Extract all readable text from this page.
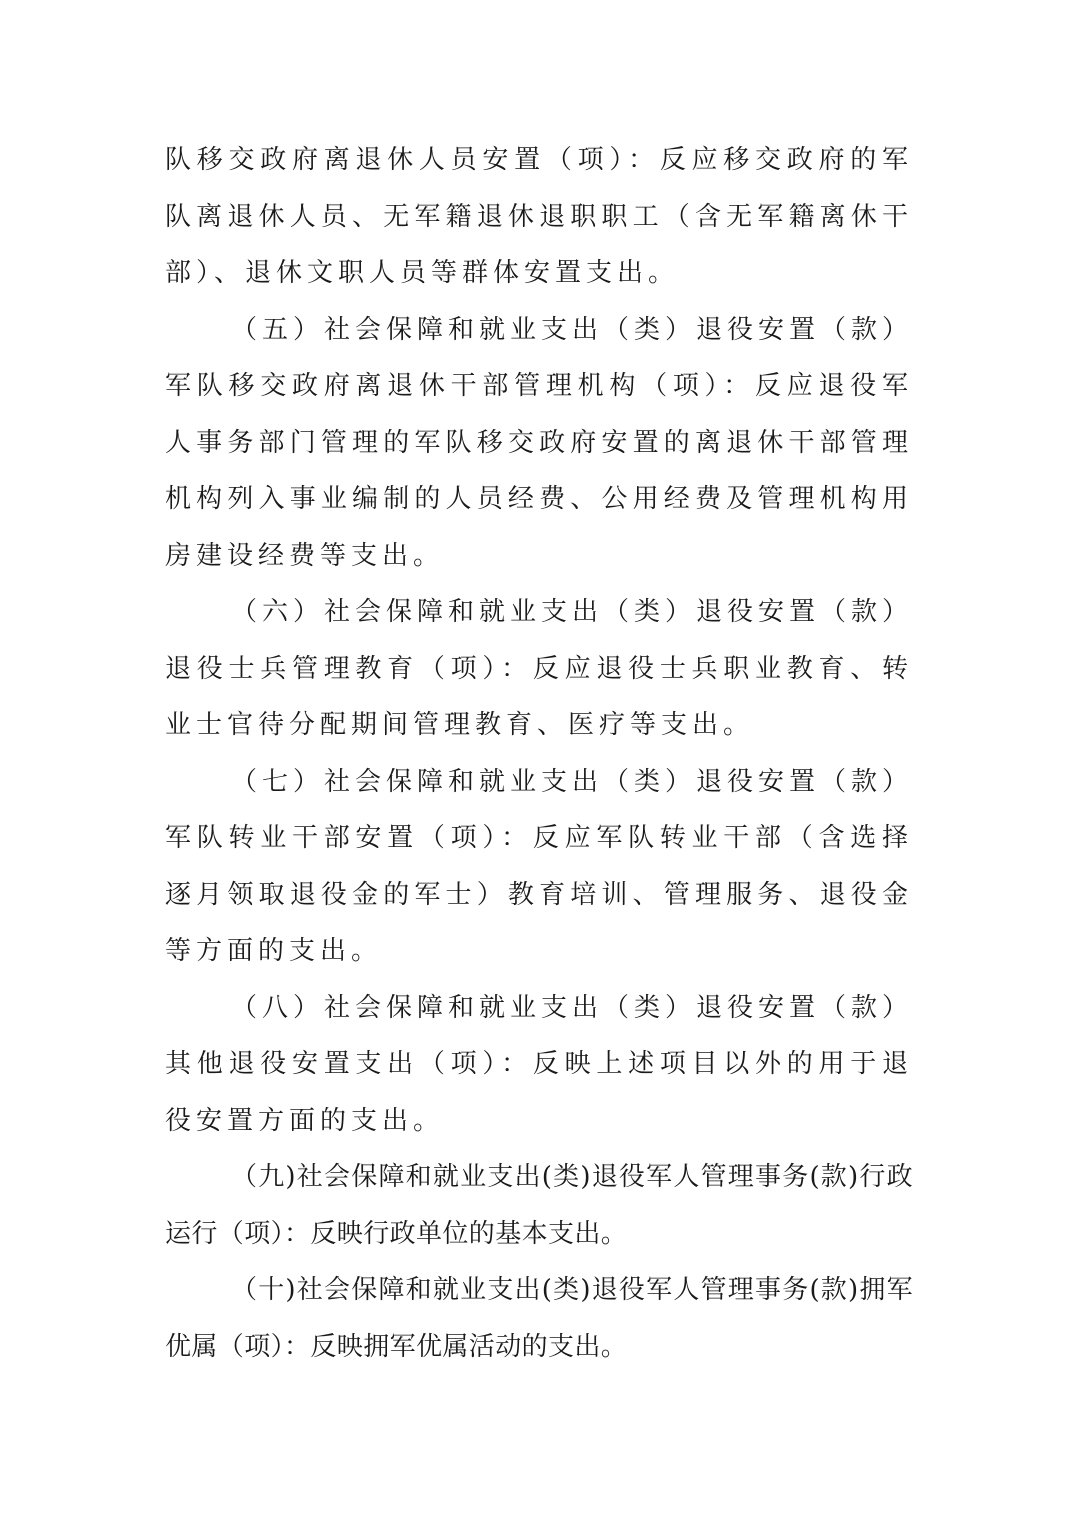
队移交政府离退休人员安置（项）：反应移交政府的军队离退休人员、无军籍退休退职职工（含无军籍离休干部）、退休文职人员等群体安置支出。

（五）社会保障和就业支出（类）退役安置（款） 军队移交政府离退休干部管理机构（项）：反应退役军人事务部门管理的军队移交政府安置的离退休干部管理机构列入事业编制的人员经费、公用经费及管理机构用房建设经费等支出。

（六）社会保障和就业支出（类）退役安置（款） 退役士兵管理教育（项）：反应退役士兵职业教育、转业士官待分配期间管理教育、医疗等支出。

（七）社会保障和就业支出（类）退役安置（款） 军队转业干部安置（项）：反应军队转业干部（含选择逐月领取退役金的军士）教育培训、管理服务、退役金等方面的支出。

（八）社会保障和就业支出（类）退役安置（款） 其他退役安置支出（项）：反映上述项目以外的用于退役安置方面的支出。

（九)社会保障和就业支出(类)退役军人管理事务(款)行政运行（项）：反映行政单位的基本支出。

（十)社会保障和就业支出(类)退役军人管理事务(款)拥军优属（项）：反映拥军优属活动的支出。
